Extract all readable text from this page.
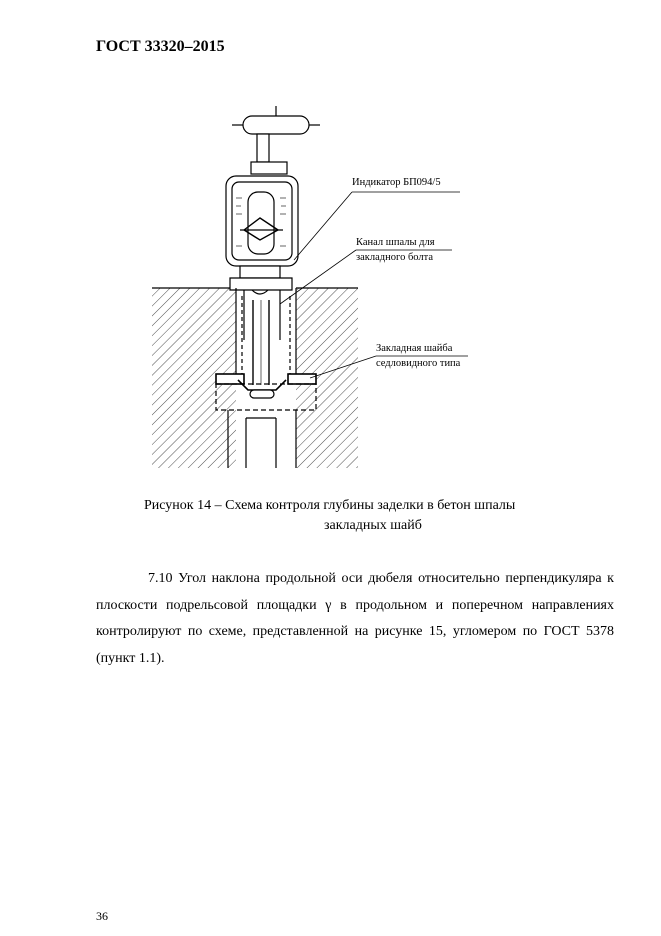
ГОСТ 33320–2015
Индикатор БП094/5
Канал шпалы для
закладного болта
Закладная шайба
седловидного типа
Рисунок 14 – Схема контроля глубины заделки в бетон шпалы
закладных шайб

7.10 Угол наклона продольной оси дюбеля относительно перпендикуляра к плоскости подрельсовой площадки γ в продольном и поперечном направлениях контролируют по схеме, представленной на рисунке 15, угломером по ГОСТ 5378 (пункт 1.1).

36
